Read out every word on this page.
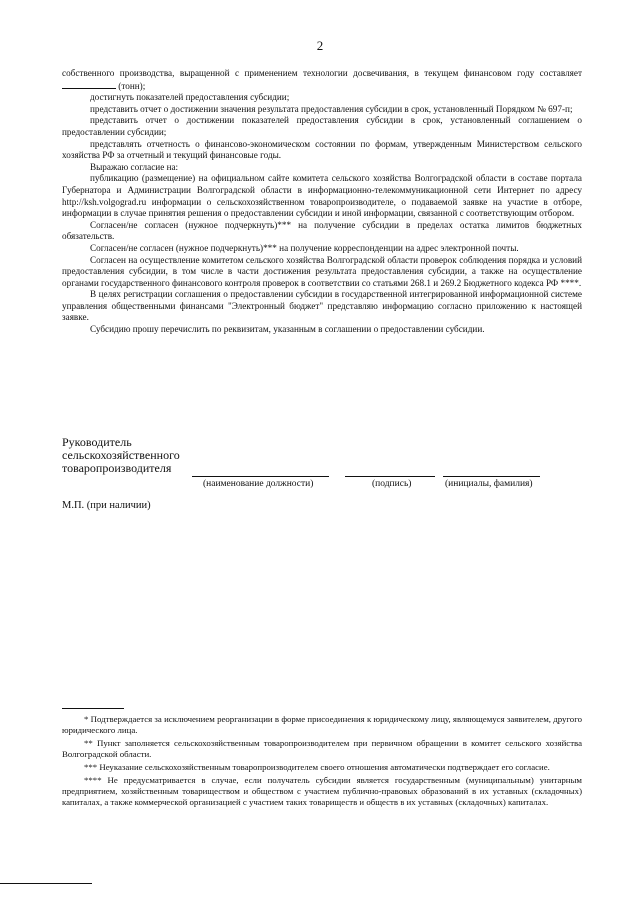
2

собственного производства, выращенной с применением технологии досвечивания, в текущем финансовом году составляет  (тонн);

достигнуть показателей предоставления субсидии;

представить отчет о достижении значения результата предоставления субсидии в срок, установленный Порядком № 697-п;

представить отчет о достижении показателей предоставления субсидии в срок, установленный соглашением о предоставлении субсидии;

представлять отчетность о финансово-экономическом состоянии по формам, утвержденным Министерством сельского хозяйства РФ за отчетный и текущий финансовые годы.

Выражаю согласие на:

публикацию (размещение) на официальном сайте комитета сельского хозяйства Волгоградской области в составе портала Губернатора и Администрации Волгоградской области в информационно-телекоммуникационной сети Интернет по адресу http://ksh.volgograd.ru информации о сельскохозяйственном товаропроизводителе, о подаваемой заявке на участие в отборе, информации в случае принятия решения о предоставлении субсидии и иной информации, связанной с соответствующим отбором.

Согласен/не согласен (нужное подчеркнуть)*** на получение субсидии в пределах остатка лимитов бюджетных обязательств.

Согласен/не согласен (нужное подчеркнуть)*** на получение корреспонденции на адрес электронной почты.

Согласен на осуществление комитетом сельского хозяйства Волгоградской области проверок соблюдения порядка и условий предоставления субсидии, в том числе в части достижения результата предоставления субсидии, а также на осуществление органами государственного финансового контроля проверок в соответствии со статьями 268.1 и 269.2 Бюджетного кодекса РФ ****.

В целях регистрации соглашения о предоставлении субсидии в государственной интегрированной информационной системе управления общественными финансами "Электронный бюджет" представляю информацию согласно приложению к настоящей заявке.

Субсидию прошу перечислить по реквизитам, указанным в соглашении о предоставлении субсидии.

Руководитель
сельскохозяйственного
товаропроизводителя
(наименование должности)	(подпись)	(инициалы, фамилия)
М.П. (при наличии)

* Подтверждается за исключением реорганизации в форме присоединения к юридическому лицу, являющемуся заявителем, другого юридического лица.

** Пункт заполняется сельскохозяйственным товаропроизводителем при первичном обращении в комитет сельского хозяйства Волгоградской области.

*** Неуказание сельскохозяйственным товаропроизводителем своего отношения автоматически подтверждает его согласие.

**** Не предусматривается в случае, если получатель субсидии является государственным (муниципальным) унитарным предприятием, хозяйственным товариществом и обществом с участием публично-правовых образований в их уставных (складочных) капиталах, а также коммерческой организацией с участием таких товариществ и обществ в их уставных (складочных) капиталах.
